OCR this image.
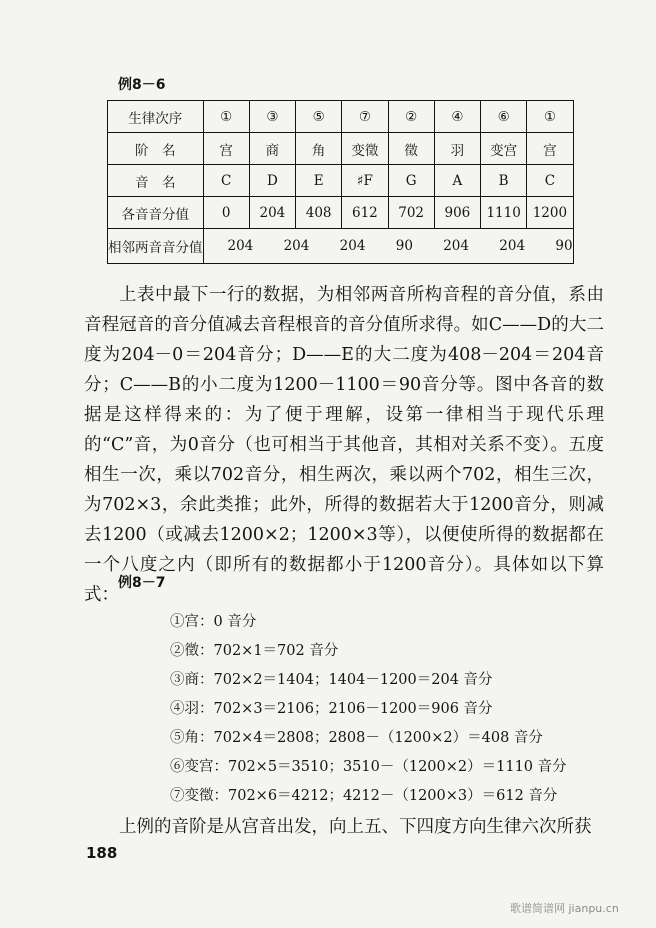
例8－6
生律次序	①	③	⑤	⑦	②	④	⑥	①
阶　名	宫	商	角	变徵	徵	羽	变宫	宫
音　名	C	D	E	♯F	G	A	B	C
各音音分值	0	204	408	612	702	906	1110	1200
相邻两音音分值	204 204 204 90 204 204 90							

上表中最下一行的数据，为相邻两音所构音程的音分值，系由音程冠音的音分值减去音程根音的音分值所求得。如C——D的大二度为204－0＝204音分；D——E的大二度为408－204＝204音分；C——B的小二度为1200－1100＝90音分等。图中各音的数据是这样得来的：为了便于理解，设第一律相当于现代乐理的“C”音，为0音分（也可相当于其他音，其相对关系不变）。五度相生一次，乘以702音分，相生两次，乘以两个702，相生三次，为702×3，余此类推；此外，所得的数据若大于1200音分，则减去1200（或减去1200×2；1200×3等），以便使所得的数据都在一个八度之内（即所有的数据都小于1200音分）。具体如以下算式：

例8－7
①宫：0 音分
②徵：702×1＝702 音分
③商：702×2＝1404；1404－1200＝204 音分
④羽：702×3＝2106；2106－1200＝906 音分
⑤角：702×4＝2808；2808－（1200×2）＝408 音分
⑥变宫：702×5＝3510；3510－（1200×2）＝1110 音分
⑦变徵：702×6＝4212；4212－（1200×3）＝612 音分
上例的音阶是从宫音出发，向上五、下四度方向生律六次所获
188
歌谱简谱网 jianpu.cn
